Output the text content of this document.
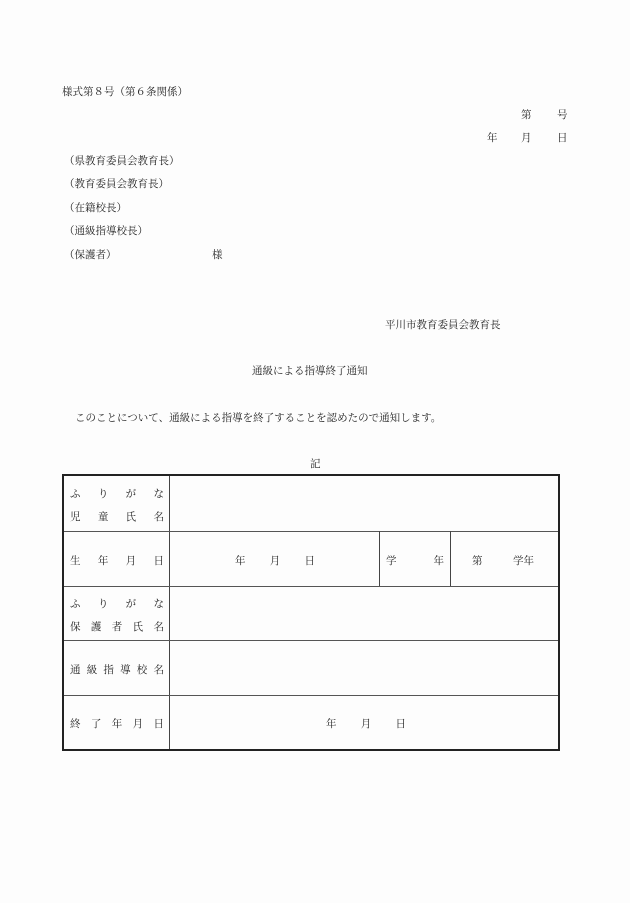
様式第８号（第６条関係）
第 号
年 月 日
（県教育委員会教育長）
（教育委員会教育長）
（在籍校長）
（通級指導校長）
（保護者）	様
平川市教育委員会教育長
通級による指導終了通知
このことについて、通級による指導を終了することを認めたので通知します。
記
ふ り が な
児 童 氏 名
生 年 月 日	年 月 日	学	年	第	学年
ふ り が な
保 護 者 氏 名
通 級 指 導 校 名
終 了 年 月 日	年 月 日
